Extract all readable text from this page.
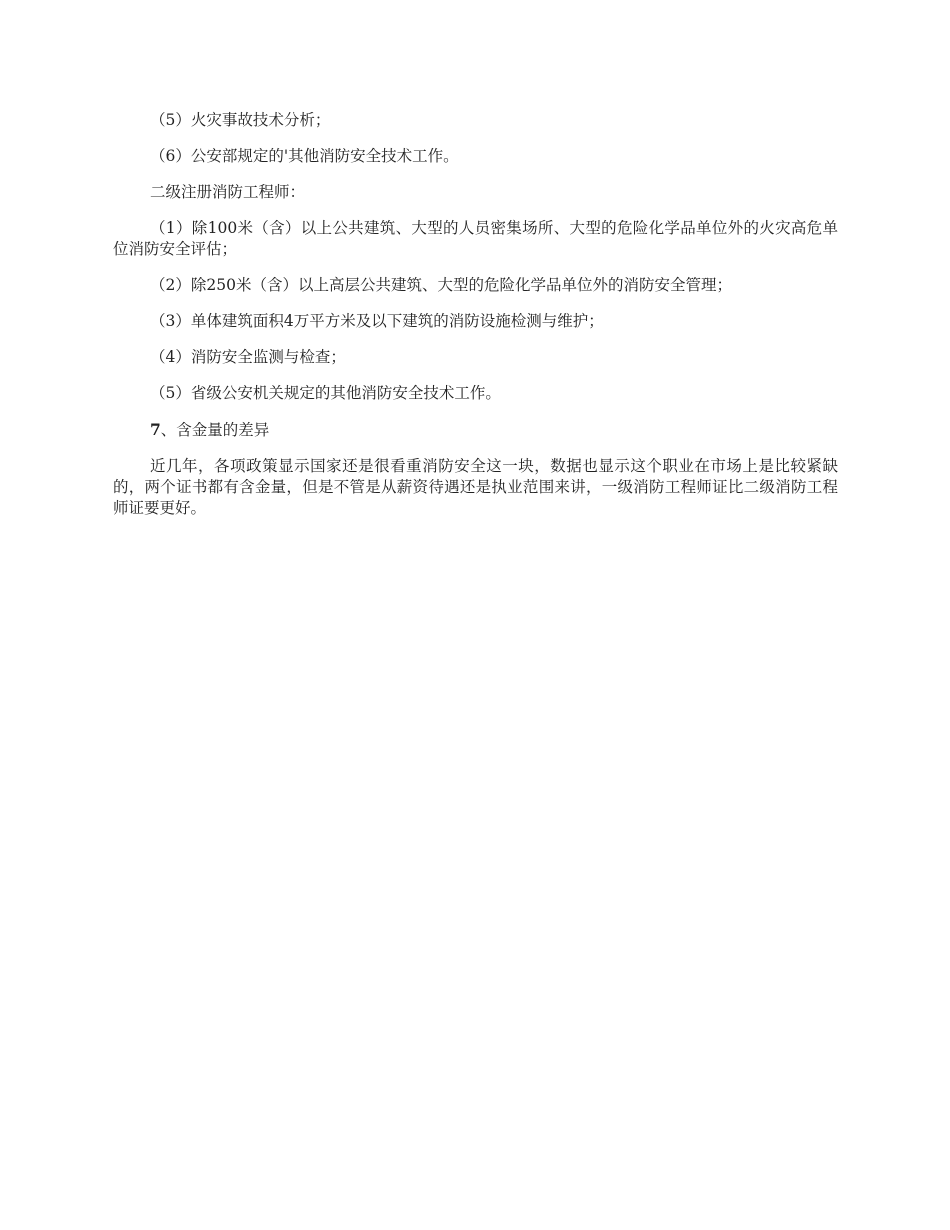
（5）火灾事故技术分析；

（6）公安部规定的'其他消防安全技术工作。

二级注册消防工程师：

（1）除100米（含）以上公共建筑、大型的人员密集场所、大型的危险化学品单位外的火灾高危单位消防安全评估；

（2）除250米（含）以上高层公共建筑、大型的危险化学品单位外的消防安全管理；

（3）单体建筑面积4万平方米及以下建筑的消防设施检测与维护；

（4）消防安全监测与检查；

（5）省级公安机关规定的其他消防安全技术工作。

7、含金量的差异

近几年，各项政策显示国家还是很看重消防安全这一块，数据也显示这个职业在市场上是比较紧缺的，两个证书都有含金量，但是不管是从薪资待遇还是执业范围来讲，一级消防工程师证比二级消防工程师证要更好。
